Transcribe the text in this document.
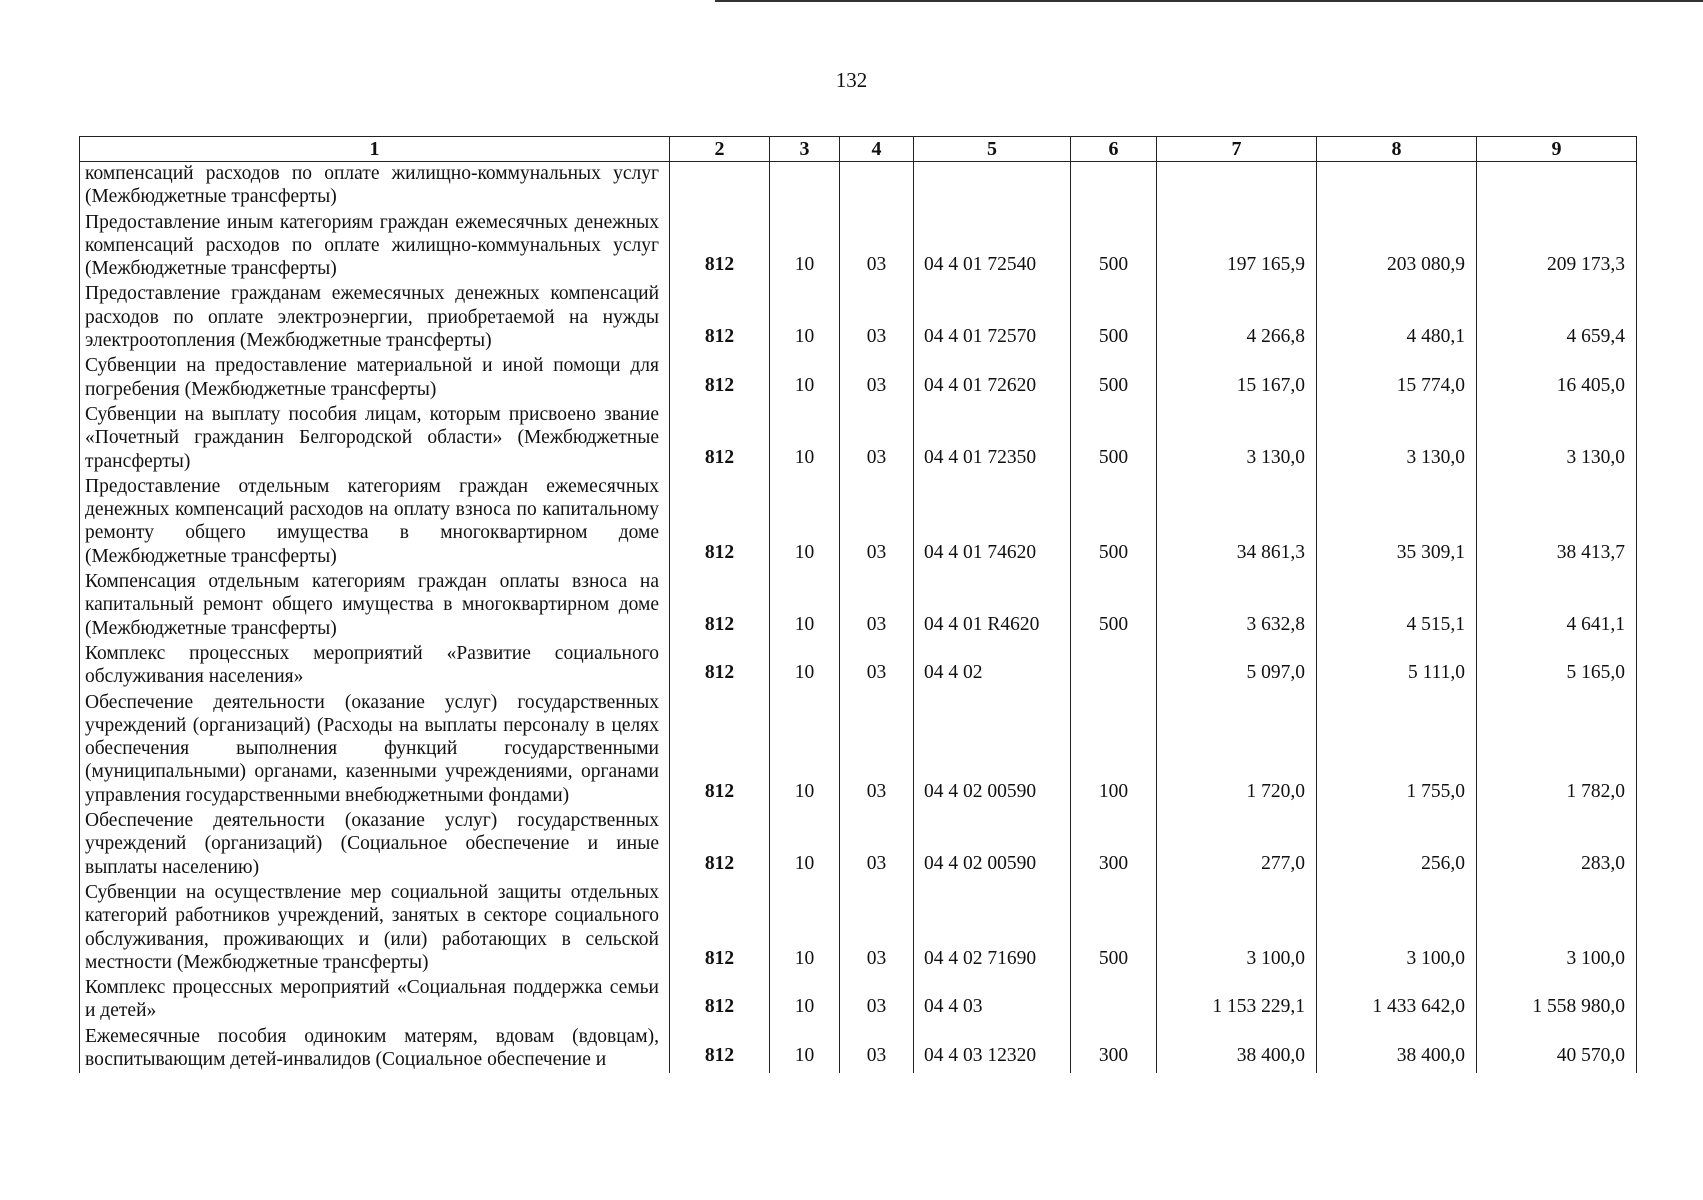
132
1	2	3	4	5	6	7	8	9
компенсаций расходов по оплате жилищно-коммунальных услуг (Межбюджетные трансферты)								
Предоставление иным категориям граждан ежемесячных денежных компенсаций расходов по оплате жилищно-коммунальных услуг (Межбюджетные трансферты)	812	10	03	04 4 01 72540	500	197 165,9	203 080,9	209 173,3
Предоставление гражданам ежемесячных денежных компенсаций расходов по оплате электроэнергии, приобретаемой на нужды электроотопления (Межбюджетные трансферты)	812	10	03	04 4 01 72570	500	4 266,8	4 480,1	4 659,4
Субвенции на предоставление материальной и иной помощи для погребения (Межбюджетные трансферты)	812	10	03	04 4 01 72620	500	15 167,0	15 774,0	16 405,0
Субвенции на выплату пособия лицам, которым присвоено звание «Почетный гражданин Белгородской области» (Межбюджетные трансферты)	812	10	03	04 4 01 72350	500	3 130,0	3 130,0	3 130,0
Предоставление отдельным категориям граждан ежемесячных денежных компенсаций расходов на оплату взноса по капитальному ремонту общего имущества в многоквартирном доме (Межбюджетные трансферты)	812	10	03	04 4 01 74620	500	34 861,3	35 309,1	38 413,7
Компенсация отдельным категориям граждан оплаты взноса на капитальный ремонт общего имущества в многоквартирном доме (Межбюджетные трансферты)	812	10	03	04 4 01 R4620	500	3 632,8	4 515,1	4 641,1
Комплекс процессных мероприятий «Развитие социального обслуживания населения»	812	10	03	04 4 02		5 097,0	5 111,0	5 165,0
Обеспечение деятельности (оказание услуг) государственных учреждений (организаций) (Расходы на выплаты персоналу в целях обеспечения выполнения функций государственными (муниципальными) органами, казенными учреждениями, органами управления государственными внебюджетными фондами)	812	10	03	04 4 02 00590	100	1 720,0	1 755,0	1 782,0
Обеспечение деятельности (оказание услуг) государственных учреждений (организаций) (Социальное обеспечение и иные выплаты населению)	812	10	03	04 4 02 00590	300	277,0	256,0	283,0
Субвенции на осуществление мер социальной защиты отдельных категорий работников учреждений, занятых в секторе социального обслуживания, проживающих и (или) работающих в сельской местности (Межбюджетные трансферты)	812	10	03	04 4 02 71690	500	3 100,0	3 100,0	3 100,0
Комплекс процессных мероприятий «Социальная поддержка семьи и детей»	812	10	03	04 4 03		1 153 229,1	1 433 642,0	1 558 980,0
Ежемесячные пособия одиноким матерям, вдовам (вдовцам), воспитывающим детей-инвалидов (Социальное обеспечение и	812	10	03	04 4 03 12320	300	38 400,0	38 400,0	40 570,0
